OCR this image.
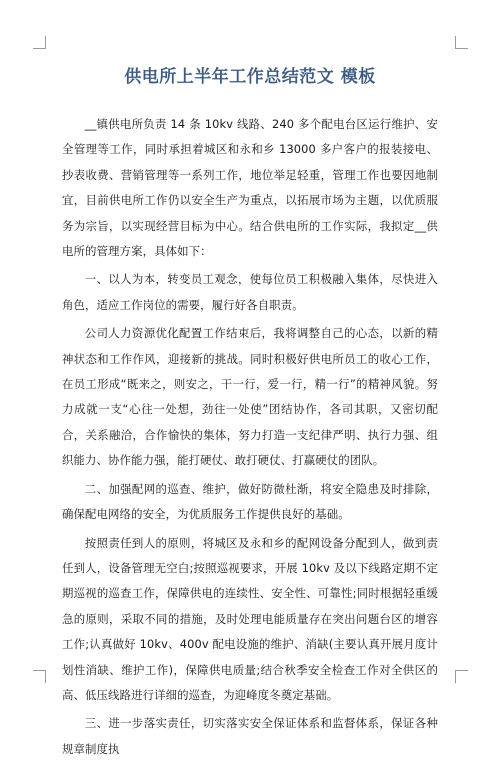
供电所上半年工作总结范文 模板

__镇供电所负责 14 条 10kv 线路、240 多个配电台区运行维护、安全管理等工作，同时承担着城区和永和乡 13000 多户客户的报装接电、抄表收费、营销管理等一系列工作，地位举足轻重，管理工作也要因地制宜，目前供电所工作仍以安全生产为重点，以拓展市场为主题，以优质服务为宗旨，以实现经营目标为中心。结合供电所的工作实际，我拟定__供电所的管理方案，具体如下：

一、以人为本，转变员工观念，使每位员工积极融入集体，尽快进入角色，适应工作岗位的需要，履行好各自职责。

公司人力资源优化配置工作结束后，我将调整自己的心态，以新的精神状态和工作作风，迎接新的挑战。同时积极好供电所员工的收心工作，在员工形成“既来之，则安之，干一行，爱一行，精一行”的精神风貌。努力成就一支“心往一处想，劲往一处使”团结协作，各司其职，又密切配合，关系融洽，合作愉快的集体，努力打造一支纪律严明、执行力强、组织能力、协作能力强，能打硬仗、敢打硬仗、打赢硬仗的团队。

二、加强配网的巡查、维护，做好防微杜渐，将安全隐患及时排除，确保配电网络的安全，为优质服务工作提供良好的基础。

按照责任到人的原则，将城区及永和乡的配网设备分配到人，做到责任到人，设备管理无空白;按照巡视要求，开展 10kv 及以下线路定期不定期巡视的巡查工作，保障供电的连续性、安全性、可靠性;同时根据轻重缓急的原则，采取不同的措施，及时处理电能质量存在突出问题台区的增容工作;认真做好 10kv、400v 配电设施的维护、消缺(主要认真开展月度计划性消缺、维护工作)，保障供电质量;结合秋季安全检查工作对全供区的高、低压线路进行详细的巡查，为迎峰度冬奠定基础。

三、进一步落实责任，切实落实安全保证体系和监督体系，保证各种规章制度执
